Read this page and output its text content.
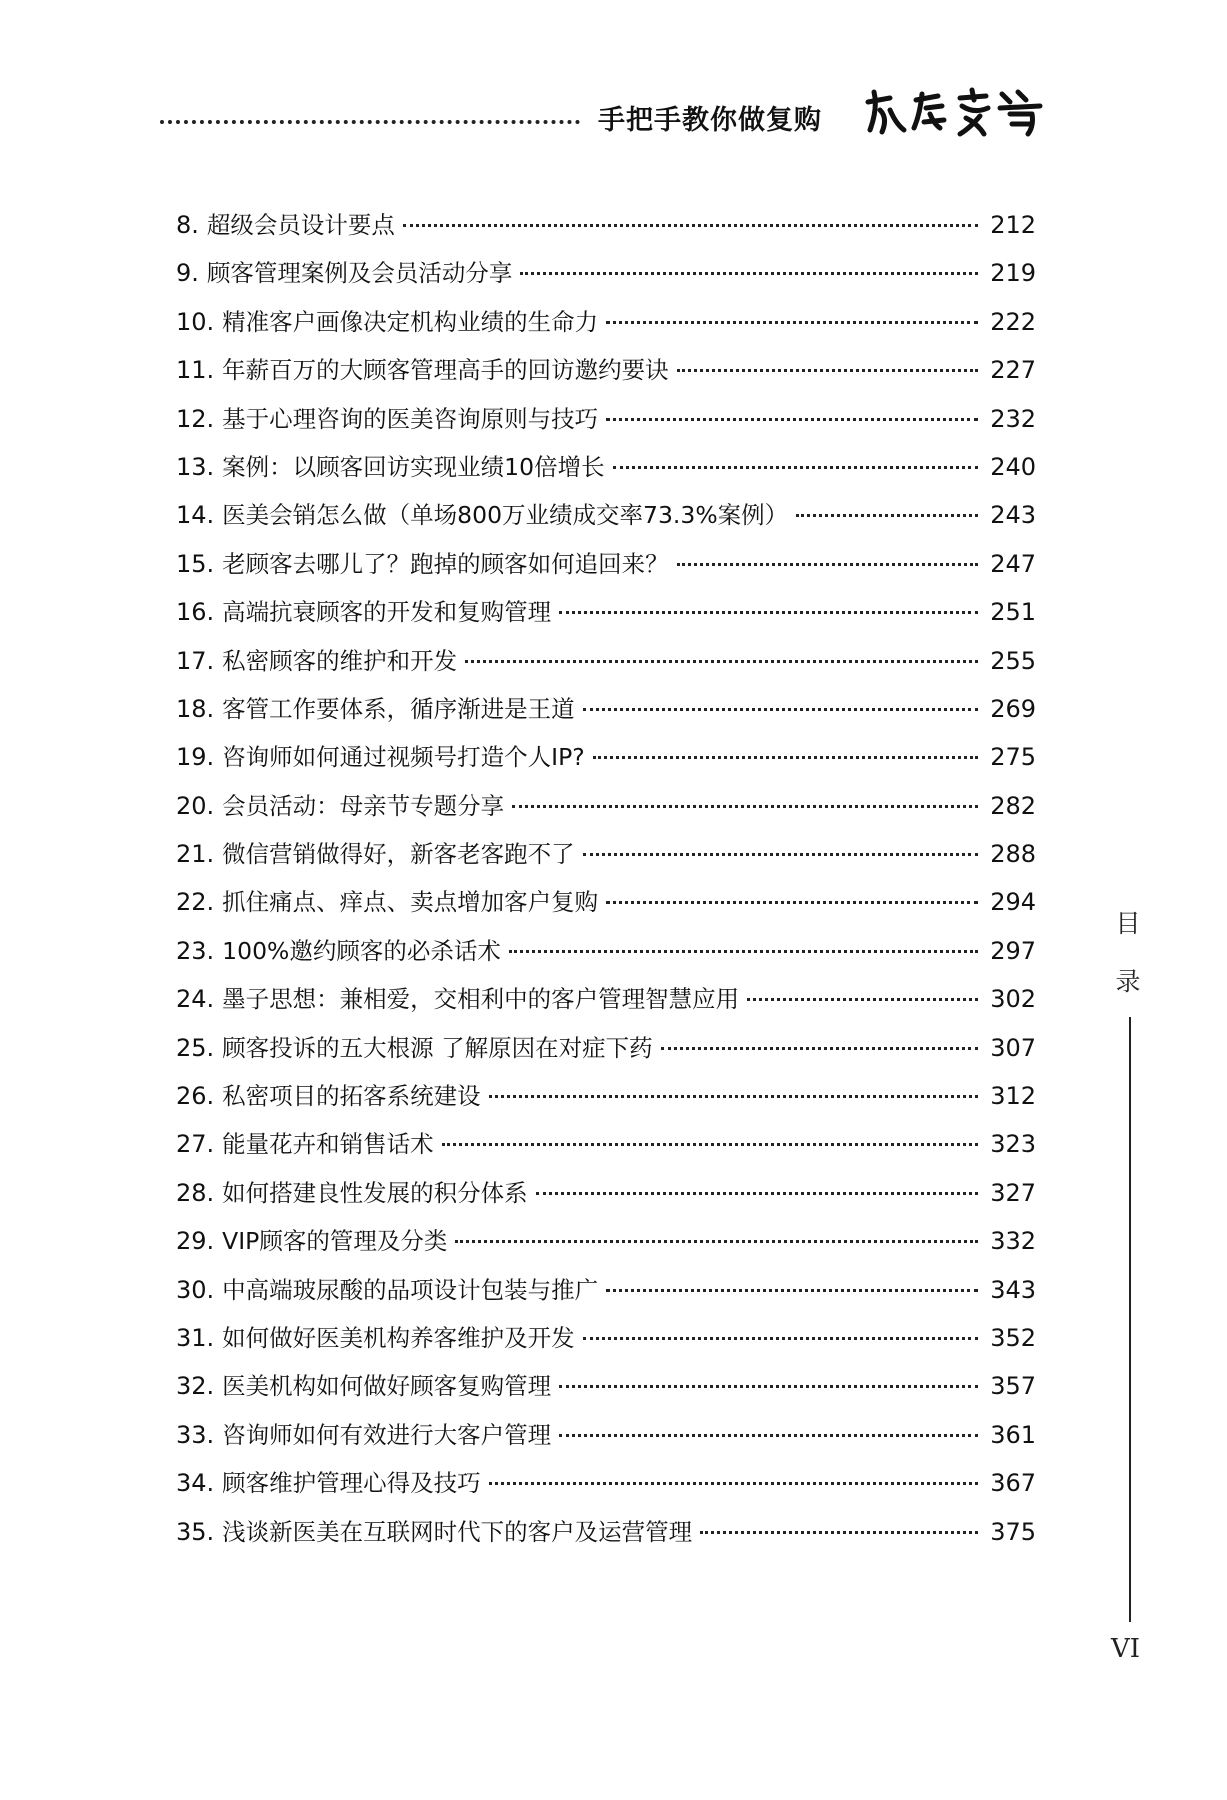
手把手教你做复购
8. 超级会员设计要点	212
9. 顾客管理案例及会员活动分享	219
10. 精准客户画像决定机构业绩的生命力	222
11. 年薪百万的大顾客管理高手的回访邀约要诀	227
12. 基于心理咨询的医美咨询原则与技巧	232
13. 案例：以顾客回访实现业绩10倍增长	240
14. 医美会销怎么做（单场800万业绩成交率73.3%案例）	243
15. 老顾客去哪儿了？跑掉的顾客如何追回来？	247
16. 高端抗衰顾客的开发和复购管理	251
17. 私密顾客的维护和开发	255
18. 客管工作要体系，循序渐进是王道	269
19. 咨询师如何通过视频号打造个人IP?	275
20. 会员活动：母亲节专题分享	282
21. 微信营销做得好，新客老客跑不了	288
22. 抓住痛点、痒点、卖点增加客户复购	294
23. 100%邀约顾客的必杀话术	297
24. 墨子思想：兼相爱，交相利中的客户管理智慧应用	302
25. 顾客投诉的五大根源 了解原因在对症下药	307
26. 私密项目的拓客系统建设	312
27. 能量花卉和销售话术	323
28. 如何搭建良性发展的积分体系	327
29. VIP顾客的管理及分类	332
30. 中高端玻尿酸的品项设计包装与推广	343
31. 如何做好医美机构养客维护及开发	352
32. 医美机构如何做好顾客复购管理	357
33. 咨询师如何有效进行大客户管理	361
34. 顾客维护管理心得及技巧	367
35. 浅谈新医美在互联网时代下的客户及运营管理	375
目
录
VI
